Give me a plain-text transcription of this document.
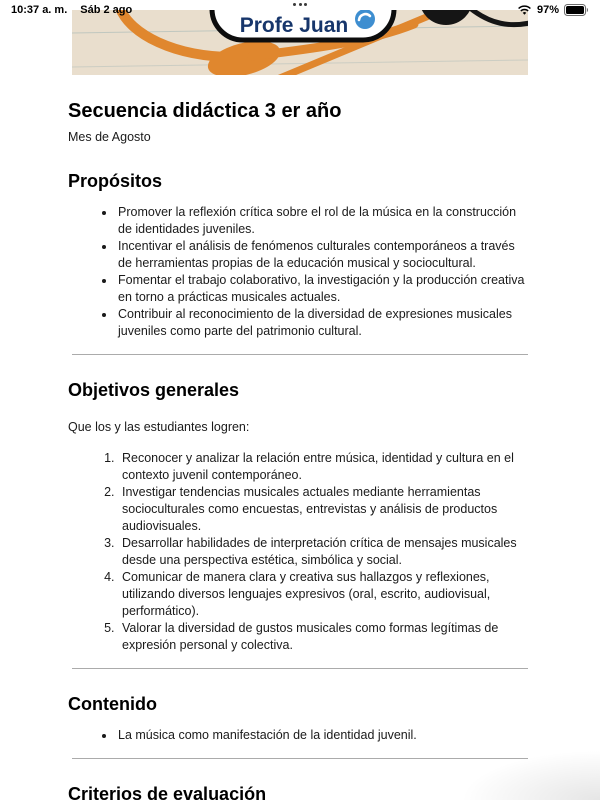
10:37 a. m. Sáb 2 ago	97%
Profe Juan
Secuencia didáctica 3 er año

Mes de Agosto

Propósitos
• Promover la reflexión crítica sobre el rol de la música en la construcción de identidades juveniles.
• Incentivar el análisis de fenómenos culturales contemporáneos a través de herramientas propias de la educación musical y sociocultural.
• Fomentar el trabajo colaborativo, la investigación y la producción creativa en torno a prácticas musicales actuales.
• Contribuir al reconocimiento de la diversidad de expresiones musicales juveniles como parte del patrimonio cultural.
Objetivos generales

Que los y las estudiantes logren:

1. Reconocer y analizar la relación entre música, identidad y cultura en el contexto juvenil contemporáneo.
2. Investigar tendencias musicales actuales mediante herramientas socioculturales como encuestas, entrevistas y análisis de productos audiovisuales.
3. Desarrollar habilidades de interpretación crítica de mensajes musicales desde una perspectiva estética, simbólica y social.
4. Comunicar de manera clara y creativa sus hallazgos y reflexiones, utilizando diversos lenguajes expresivos (oral, escrito, audiovisual, performático).
5. Valorar la diversidad de gustos musicales como formas legítimas de expresión personal y colectiva.
Contenido
• La música como manifestación de la identidad juvenil.
Criterios de evaluación
